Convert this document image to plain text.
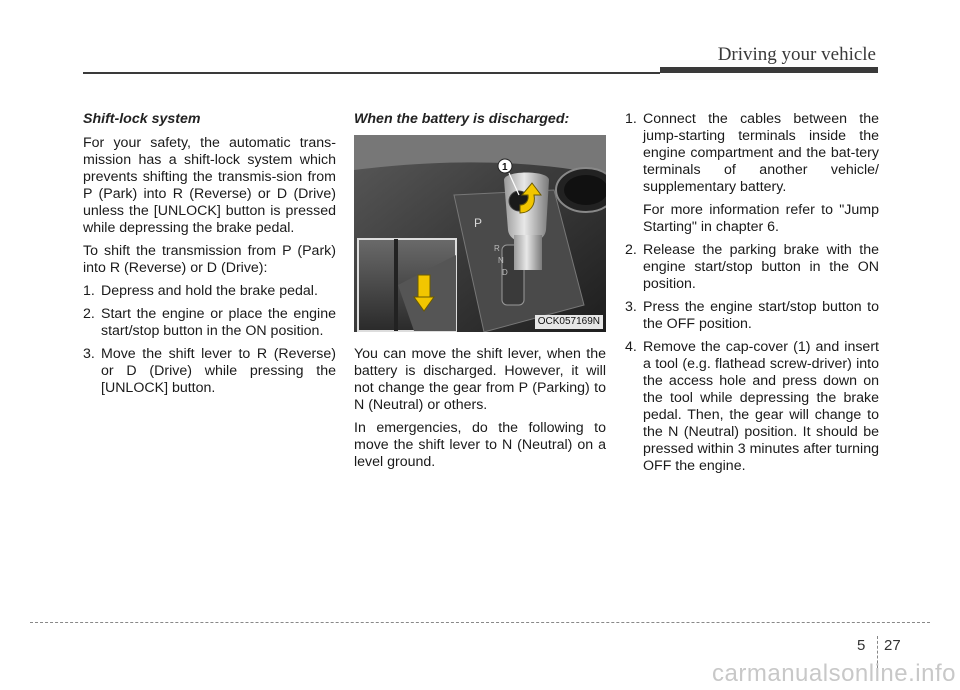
Driving your vehicle
Shift-lock system
For your safety, the automatic trans-mission has a shift-lock system which prevents shifting the transmis-sion from P (Park) into R (Reverse) or D (Drive) unless the [UNLOCK] button is pressed while depressing the brake pedal.
To shift the transmission from P (Park) into R (Reverse) or D (Drive):
1. Depress and hold the brake pedal.
2. Start the engine or place the engine start/stop button in the ON position.
3. Move the shift lever to R (Reverse) or D (Drive) while pressing the [UNLOCK] button.
When the battery is discharged:
P
R
N
D
1
OCK057169N
You can move the shift lever, when the battery is discharged. However, it will not change the gear from P (Parking) to N (Neutral) or others.
In emergencies, do the following to move the shift lever to N (Neutral) on a level ground.
1. Connect the cables between the jump-starting terminals inside the engine compartment and the bat-tery terminals of another vehicle/ supplementary battery.
For more information refer to "Jump Starting" in chapter 6.
2. Release the parking brake with the engine start/stop button in the ON position.
3. Press the engine start/stop button to the OFF position.
4. Remove the cap-cover (1) and insert a tool (e.g. flathead screw-driver) into the access hole and press down on the tool while depressing the brake pedal. Then, the gear will change to the N (Neutral) position. It should be pressed within 3 minutes after turning OFF the engine.
5 27
carmanualsonline.info
